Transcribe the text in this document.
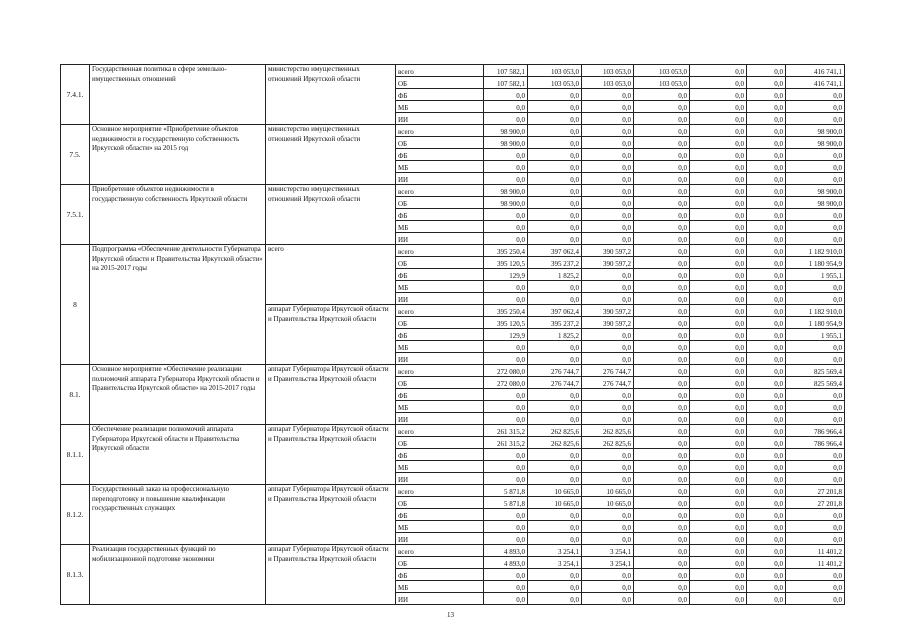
7.4.1.	Государственная политика в сфере земельно-имущественных отношений	министерство имущественных отношений Иркутской области	всего	107 582,1	103 053,0	103 053,0	103 053,0	0,0	0,0	416 741,1
			ОБ	107 582,1	103 053,0	103 053,0	103 053,0	0,0	0,0	416 741,1
			ФБ	0,0	0,0	0,0	0,0	0,0	0,0	0,0
			МБ	0,0	0,0	0,0	0,0	0,0	0,0	0,0
			ИИ	0,0	0,0	0,0	0,0	0,0	0,0	0,0
7.5.	Основное мероприятие «Приобретение объектов недвижимости в государственную собственность Иркутской области» на 2015 год	министерство имущественных отношений Иркутской области	всего	98 900,0	0,0	0,0	0,0	0,0	0,0	98 900,0
			ОБ	98 900,0	0,0	0,0	0,0	0,0	0,0	98 900,0
			ФБ	0,0	0,0	0,0	0,0	0,0	0,0	0,0
			МБ	0,0	0,0	0,0	0,0	0,0	0,0	0,0
			ИИ	0,0	0,0	0,0	0,0	0,0	0,0	0,0
7.5.1.	Приобретение объектов недвижимости в государственную собственность Иркутской области	министерство имущественных отношений Иркутской области	всего	98 900,0	0,0	0,0	0,0	0,0	0,0	98 900,0
			ОБ	98 900,0	0,0	0,0	0,0	0,0	0,0	98 900,0
			ФБ	0,0	0,0	0,0	0,0	0,0	0,0	0,0
			МБ	0,0	0,0	0,0	0,0	0,0	0,0	0,0
			ИИ	0,0	0,0	0,0	0,0	0,0	0,0	0,0
8	Подпрограмма «Обеспечение деятельности Губернатора Иркутской области и Правительства Иркутской области» на 2015-2017 годы	всего	всего	395 250,4	397 062,4	390 597,2	0,0	0,0	0,0	1 182 910,0
			ОБ	395 120,5	395 237,2	390 597,2	0,0	0,0	0,0	1 180 954,9
			ФБ	129,9	1 825,2	0,0	0,0	0,0	0,0	1 955,1
			МБ	0,0	0,0	0,0	0,0	0,0	0,0	0,0
			ИИ	0,0	0,0	0,0	0,0	0,0	0,0	0,0
		аппарат Губернатора Иркутской области и Правительства Иркутской области	всего	395 250,4	397 062,4	390 597,2	0,0	0,0	0,0	1 182 910,0
			ОБ	395 120,5	395 237,2	390 597,2	0,0	0,0	0,0	1 180 954,9
			ФБ	129,9	1 825,2	0,0	0,0	0,0	0,0	1 955,1
			МБ	0,0	0,0	0,0	0,0	0,0	0,0	0,0
			ИИ	0,0	0,0	0,0	0,0	0,0	0,0	0,0
8.1.	Основное мероприятие «Обеспечение реализации полномочий аппарата Губернатора Иркутской области и Правительства Иркутской области» на 2015-2017 годы	аппарат Губернатора Иркутской области и Правительства Иркутской области	всего	272 080,0	276 744,7	276 744,7	0,0	0,0	0,0	825 569,4
			ОБ	272 080,0	276 744,7	276 744,7	0,0	0,0	0,0	825 569,4
			ФБ	0,0	0,0	0,0	0,0	0,0	0,0	0,0
			МБ	0,0	0,0	0,0	0,0	0,0	0,0	0,0
			ИИ	0,0	0,0	0,0	0,0	0,0	0,0	0,0
8.1.1.	Обеспечение реализации полномочий аппарата Губернатора Иркутской области и Правительства Иркутской области	аппарат Губернатора Иркутской области и Правительства Иркутской области	всего	261 315,2	262 825,6	262 825,6	0,0	0,0	0,0	786 966,4
			ОБ	261 315,2	262 825,6	262 825,6	0,0	0,0	0,0	786 966,4
			ФБ	0,0	0,0	0,0	0,0	0,0	0,0	0,0
			МБ	0,0	0,0	0,0	0,0	0,0	0,0	0,0
			ИИ	0,0	0,0	0,0	0,0	0,0	0,0	0,0
8.1.2.	Государственный заказ на профессиональную переподготовку и повышение квалификации государственных служащих	аппарат Губернатора Иркутской области и Правительства Иркутской области	всего	5 871,8	10 665,0	10 665,0	0,0	0,0	0,0	27 201,8
			ОБ	5 871,8	10 665,0	10 665,0	0,0	0,0	0,0	27 201,8
			ФБ	0,0	0,0	0,0	0,0	0,0	0,0	0,0
			МБ	0,0	0,0	0,0	0,0	0,0	0,0	0,0
			ИИ	0,0	0,0	0,0	0,0	0,0	0,0	0,0
8.1.3.	Реализация государственных функций по мобилизационной подготовке экономики	аппарат Губернатора Иркутской области и Правительства Иркутской области	всего	4 893,0	3 254,1	3 254,1	0,0	0,0	0,0	11 401,2
			ОБ	4 893,0	3 254,1	3 254,1	0,0	0,0	0,0	11 401,2
			ФБ	0,0	0,0	0,0	0,0	0,0	0,0	0,0
			МБ	0,0	0,0	0,0	0,0	0,0	0,0	0,0
			ИИ	0,0	0,0	0,0	0,0	0,0	0,0	0,0
13
